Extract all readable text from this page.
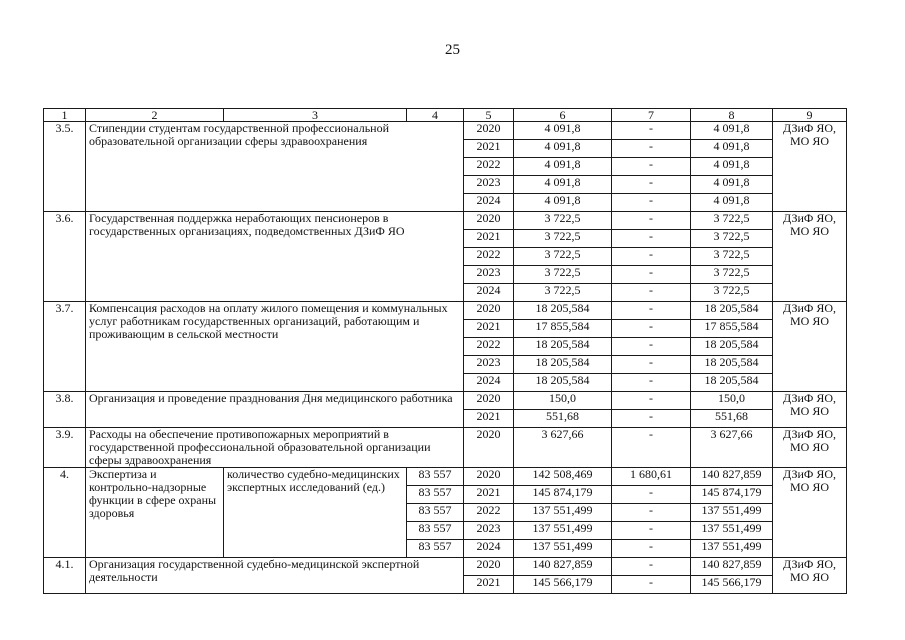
25
1	2	3	4	5	6	7	8	9
3.5.	Стипендии студентам государственной профессиональной образовательной организации сферы здравоохранения			2020	4 091,8	-	4 091,8	ДЗиФ ЯО, МО ЯО
				2021	4 091,8	-	4 091,8	
				2022	4 091,8	-	4 091,8	
				2023	4 091,8	-	4 091,8	
				2024	4 091,8	-	4 091,8	
3.6.	Государственная поддержка неработающих пенсионеров в государственных организациях, подведомственных ДЗиФ ЯО			2020	3 722,5	-	3 722,5	ДЗиФ ЯО, МО ЯО
				2021	3 722,5	-	3 722,5	
				2022	3 722,5	-	3 722,5	
				2023	3 722,5	-	3 722,5	
				2024	3 722,5	-	3 722,5	
3.7.	Компенсация расходов на оплату жилого помещения и коммунальных услуг работникам государственных организаций, работающим и проживающим в сельской местности			2020	18 205,584	-	18 205,584	ДЗиФ ЯО, МО ЯО
				2021	17 855,584	-	17 855,584	
				2022	18 205,584	-	18 205,584	
				2023	18 205,584	-	18 205,584	
				2024	18 205,584	-	18 205,584	
3.8.	Организация и проведение празднования Дня медицинского работника			2020	150,0	-	150,0	ДЗиФ ЯО, МО ЯО
				2021	551,68	-	551,68	
3.9.	Расходы на обеспечение противопожарных мероприятий в государственной профессиональной образовательной организации сферы здравоохранения			2020	3 627,66	-	3 627,66	ДЗиФ ЯО, МО ЯО
4.	Экспертиза и контрольно-надзорные функции в сфере охраны здоровья	количество судебно-медицинских экспертных исследований (ед.)	83 557	2020	142 508,469	1 680,61	140 827,859	ДЗиФ ЯО, МО ЯО
			83 557	2021	145 874,179	-	145 874,179	
			83 557	2022	137 551,499	-	137 551,499	
			83 557	2023	137 551,499	-	137 551,499	
			83 557	2024	137 551,499	-	137 551,499	
4.1.	Организация государственной судебно-медицинской экспертной деятельности			2020	140 827,859	-	140 827,859	ДЗиФ ЯО, МО ЯО
				2021	145 566,179	-	145 566,179	
